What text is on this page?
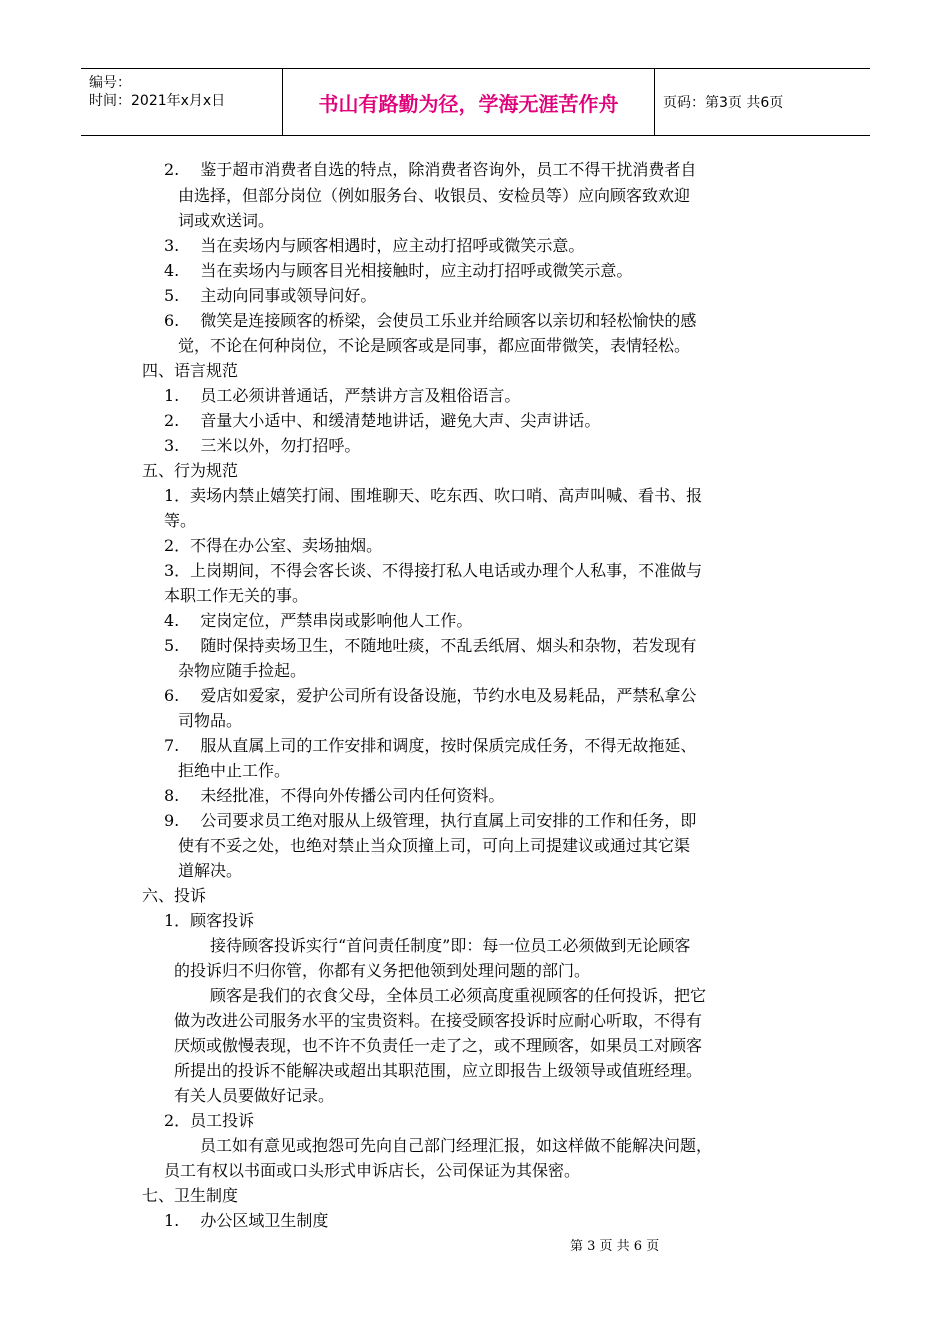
编号：
时间：2021年x月x日	书山有路勤为径，学海无涯苦作舟	页码：第3页 共6页
2.　 鉴于超市消费者自选的特点，除消费者咨询外，员工不得干扰消费者自
由选择，但部分岗位（例如服务台、收银员、安检员等）应向顾客致欢迎
词或欢送词。
3.　 当在卖场内与顾客相遇时，应主动打招呼或微笑示意。
4.　 当在卖场内与顾客目光相接触时，应主动打招呼或微笑示意。
5.　 主动向同事或领导问好。
6.　 微笑是连接顾客的桥梁，会使员工乐业并给顾客以亲切和轻松愉快的感
觉，不论在何种岗位，不论是顾客或是同事，都应面带微笑，表情轻松。
四、语言规范
1.　 员工必须讲普通话，严禁讲方言及粗俗语言。
2.　 音量大小适中、和缓清楚地讲话，避免大声、尖声讲话。
3.　 三米以外，勿打招呼。
五、行为规范
1．卖场内禁止嬉笑打闹、围堆聊天、吃东西、吹口哨、高声叫喊、看书、报
等。
2．不得在办公室、卖场抽烟。
3．上岗期间，不得会客长谈、不得接打私人电话或办理个人私事，不准做与
本职工作无关的事。
4.　 定岗定位，严禁串岗或影响他人工作。
5.　 随时保持卖场卫生，不随地吐痰，不乱丢纸屑、烟头和杂物，若发现有
杂物应随手捡起。
6.　 爱店如爱家，爱护公司所有设备设施，节约水电及易耗品，严禁私拿公
司物品。
7.　 服从直属上司的工作安排和调度，按时保质完成任务，不得无故拖延、
拒绝中止工作。
8.　 未经批准，不得向外传播公司内任何资料。
9.　 公司要求员工绝对服从上级管理，执行直属上司安排的工作和任务，即
使有不妥之处，也绝对禁止当众顶撞上司，可向上司提建议或通过其它渠
道解决。
六、投诉
1．顾客投诉
接待顾客投诉实行“首问责任制度”即：每一位员工必须做到无论顾客
的投诉归不归你管，你都有义务把他领到处理问题的部门。
顾客是我们的衣食父母，全体员工必须高度重视顾客的任何投诉，把它
做为改进公司服务水平的宝贵资料。在接受顾客投诉时应耐心听取，不得有
厌烦或傲慢表现，也不许不负责任一走了之，或不理顾客，如果员工对顾客
所提出的投诉不能解决或超出其职范围，应立即报告上级领导或值班经理。
有关人员要做好记录。
2．员工投诉
员工如有意见或抱怨可先向自己部门经理汇报，如这样做不能解决问题，
员工有权以书面或口头形式申诉店长，公司保证为其保密。
七、卫生制度
1.　 办公区域卫生制度
第 3 页 共 6 页
